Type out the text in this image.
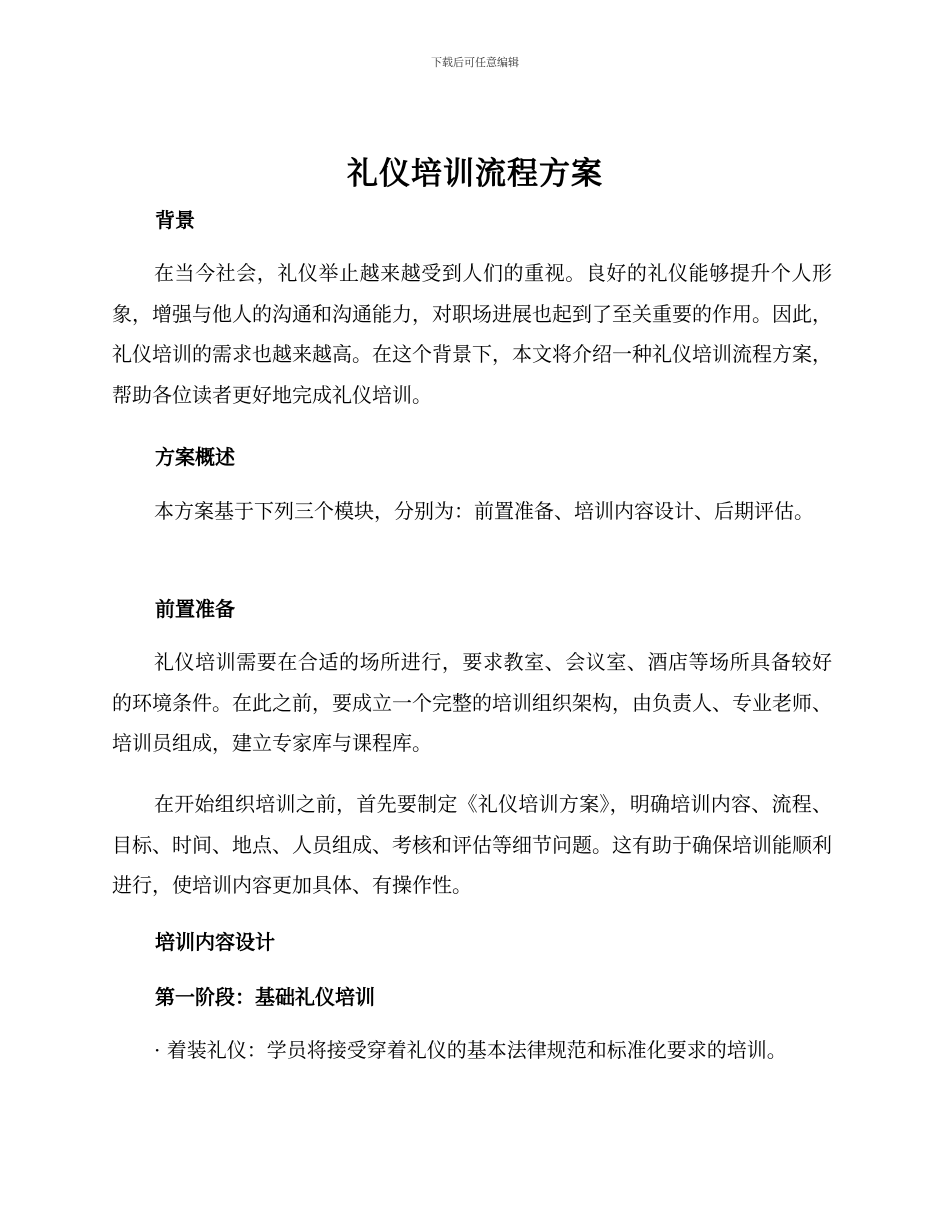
下载后可任意编辑
礼仪培训流程方案
背景

在当今社会，礼仪举止越来越受到人们的重视。良好的礼仪能够提升个人形象，增强与他人的沟通和沟通能力，对职场进展也起到了至关重要的作用。因此，礼仪培训的需求也越来越高。在这个背景下，本文将介绍一种礼仪培训流程方案，帮助各位读者更好地完成礼仪培训。

方案概述

本方案基于下列三个模块，分别为：前置准备、培训内容设计、后期评估。

前置准备

礼仪培训需要在合适的场所进行，要求教室、会议室、酒店等场所具备较好的环境条件。在此之前，要成立一个完整的培训组织架构，由负责人、专业老师、培训员组成，建立专家库与课程库。

在开始组织培训之前，首先要制定《礼仪培训方案》，明确培训内容、流程、目标、时间、地点、人员组成、考核和评估等细节问题。这有助于确保培训能顺利进行，使培训内容更加具体、有操作性。

培训内容设计
第一阶段：基础礼仪培训

· 着装礼仪：学员将接受穿着礼仪的基本法律规范和标准化要求的培训。
